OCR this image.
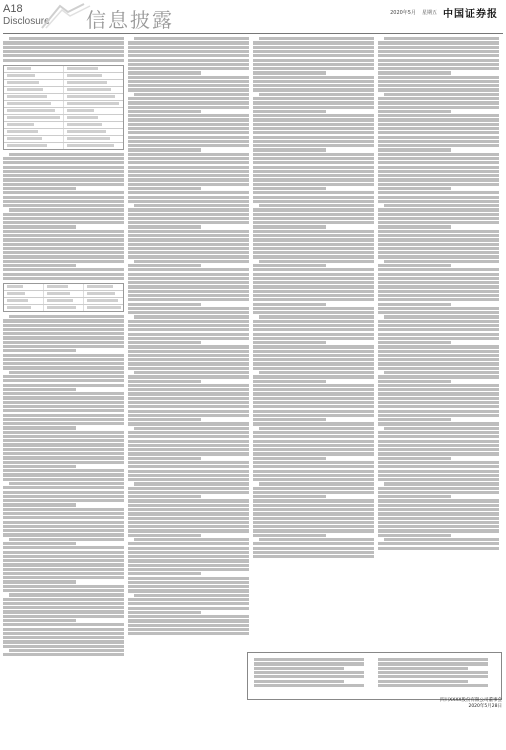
A18
Disclosure 信息披露	2020年5月 星期五 中国证券报
四川XXXX股份有限公司董事会
2020年5月28日
